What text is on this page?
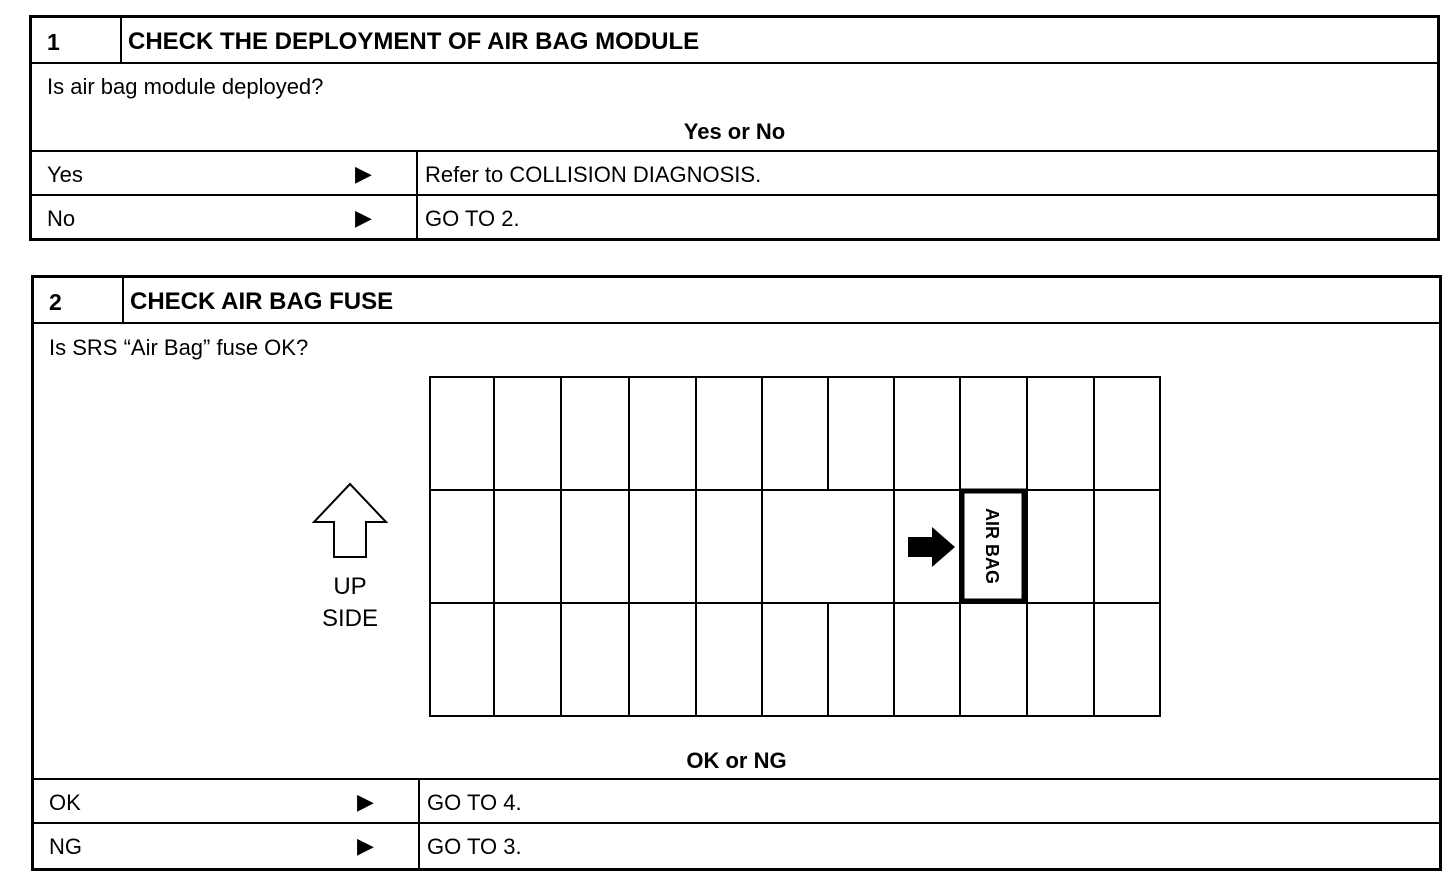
1	CHECK THE DEPLOYMENT OF AIR BAG MODULE
Is air bag module deployed?
Yes or No
Yes	▶ Refer to COLLISION DIAGNOSIS.
No	▶ GO TO 2.
2	CHECK AIR BAG FUSE
Is SRS “Air Bag” fuse OK?
AIR BAG
UP
SIDE
OK or NG
OK	▶ GO TO 4.
NG	▶ GO TO 3.
